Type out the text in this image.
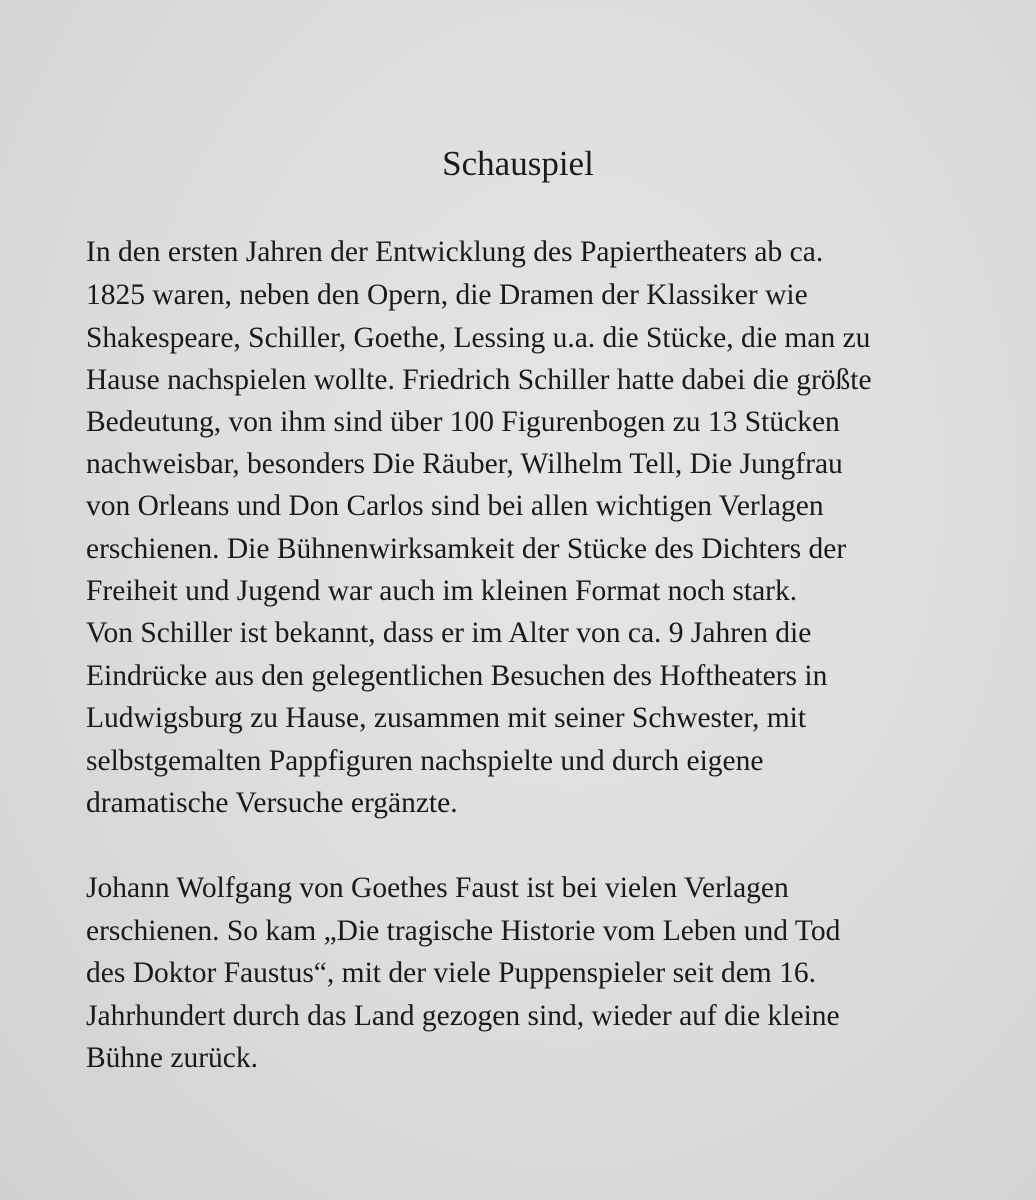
Schauspiel

In den ersten Jahren der Entwicklung des Papiertheaters ab ca.

1825 waren, neben den Opern, die Dramen der Klassiker wie

Shakespeare, Schiller, Goethe, Lessing u.a. die Stücke, die man zu

Hause nachspielen wollte. Friedrich Schiller hatte dabei die größte

Bedeutung, von ihm sind über 100 Figurenbogen zu 13 Stücken

nachweisbar, besonders Die Räuber, Wilhelm Tell, Die Jungfrau

von Orleans und Don Carlos sind bei allen wichtigen Verlagen

erschienen. Die Bühnenwirksamkeit der Stücke des Dichters der

Freiheit und Jugend war auch im kleinen Format noch stark.

Von Schiller ist bekannt, dass er im Alter von ca. 9 Jahren die

Eindrücke aus den gelegentlichen Besuchen des Hoftheaters in

Ludwigsburg zu Hause, zusammen mit seiner Schwester, mit

selbstgemalten Pappfiguren nachspielte und durch eigene

dramatische Versuche ergänzte.

Johann Wolfgang von Goethes Faust ist bei vielen Verlagen

erschienen. So kam „Die tragische Historie vom Leben und Tod

des Doktor Faustus“, mit der viele Puppenspieler seit dem 16.

Jahrhundert durch das Land gezogen sind, wieder auf die kleine

Bühne zurück.
